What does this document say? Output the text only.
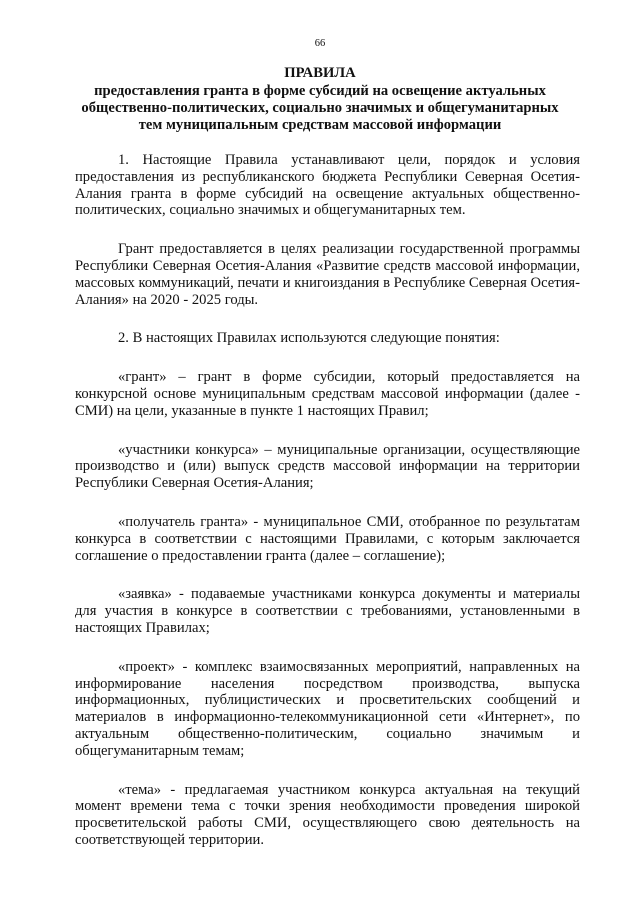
66
ПРАВИЛА
предоставления гранта в форме субсидий на освещение актуальных
общественно-политических, социально значимых и общегуманитарных
тем муниципальным средствам массовой информации

1. Настоящие Правила устанавливают цели, порядок и условия предоставления из республиканского бюджета Республики Северная Осетия-Алания гранта в форме субсидий на освещение актуальных общественно-политических, социально значимых и общегуманитарных тем.

Грант предоставляется в целях реализации государственной программы Республики Северная Осетия-Алания «Развитие средств массовой информации, массовых коммуникаций, печати и книгоиздания в Республике Северная Осетия-Алания» на 2020 - 2025 годы.

2. В настоящих Правилах используются следующие понятия:

«грант» – грант в форме субсидии, который предоставляется на конкурсной основе муниципальным средствам массовой информации (далее - СМИ) на цели, указанные в пункте 1 настоящих Правил;

«участники конкурса» – муниципальные организации, осуществляющие производство и (или) выпуск средств массовой информации на территории Республики Северная Осетия-Алания;

«получатель гранта» - муниципальное СМИ, отобранное по результатам конкурса в соответствии с настоящими Правилами, с которым заключается соглашение о предоставлении гранта (далее – соглашение);

«заявка» - подаваемые участниками конкурса документы и материалы для участия в конкурсе в соответствии с требованиями, установленными в настоящих Правилах;

«проект» - комплекс взаимосвязанных мероприятий, направленных на информирование населения посредством производства, выпуска информационных, публицистических и просветительских сообщений и материалов в информационно-телекоммуникационной сети «Интернет», по актуальным общественно-политическим, социально значимым и общегуманитарным темам;

«тема» - предлагаемая участником конкурса актуальная на текущий момент времени тема с точки зрения необходимости проведения широкой просветительской работы СМИ, осуществляющего свою деятельность на соответствующей территории.
